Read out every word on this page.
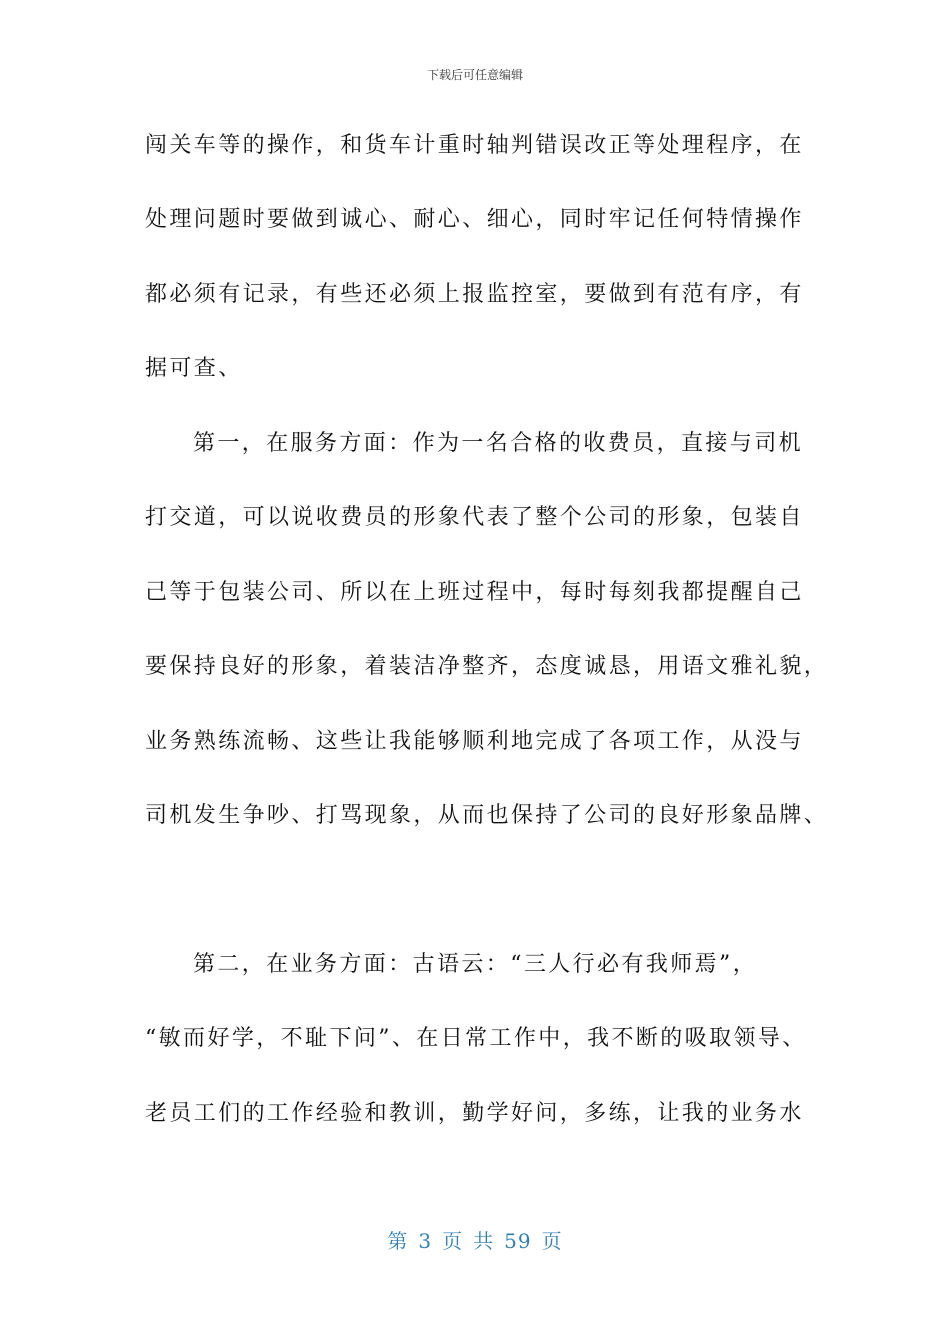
下载后可任意编辑
闯关车等的操作，和货车计重时轴判错误改正等处理程序，在
处理问题时要做到诚心、耐心、细心，同时牢记任何特情操作
都必须有记录，有些还必须上报监控室，要做到有范有序，有
据可查、
第一，在服务方面：作为一名合格的收费员，直接与司机
打交道，可以说收费员的形象代表了整个公司的形象，包装自
己等于包装公司、所以在上班过程中，每时每刻我都提醒自己
要保持良好的形象，着装洁净整齐，态度诚恳，用语文雅礼貌，
业务熟练流畅、这些让我能够顺利地完成了各项工作，从没与
司机发生争吵、打骂现象，从而也保持了公司的良好形象品牌、
第二，在业务方面：古语云：“三人行必有我师焉”，
“敏而好学，不耻下问”、在日常工作中，我不断的吸取领导、
老员工们的工作经验和教训，勤学好问，多练，让我的业务水
第 3 页 共 59 页
